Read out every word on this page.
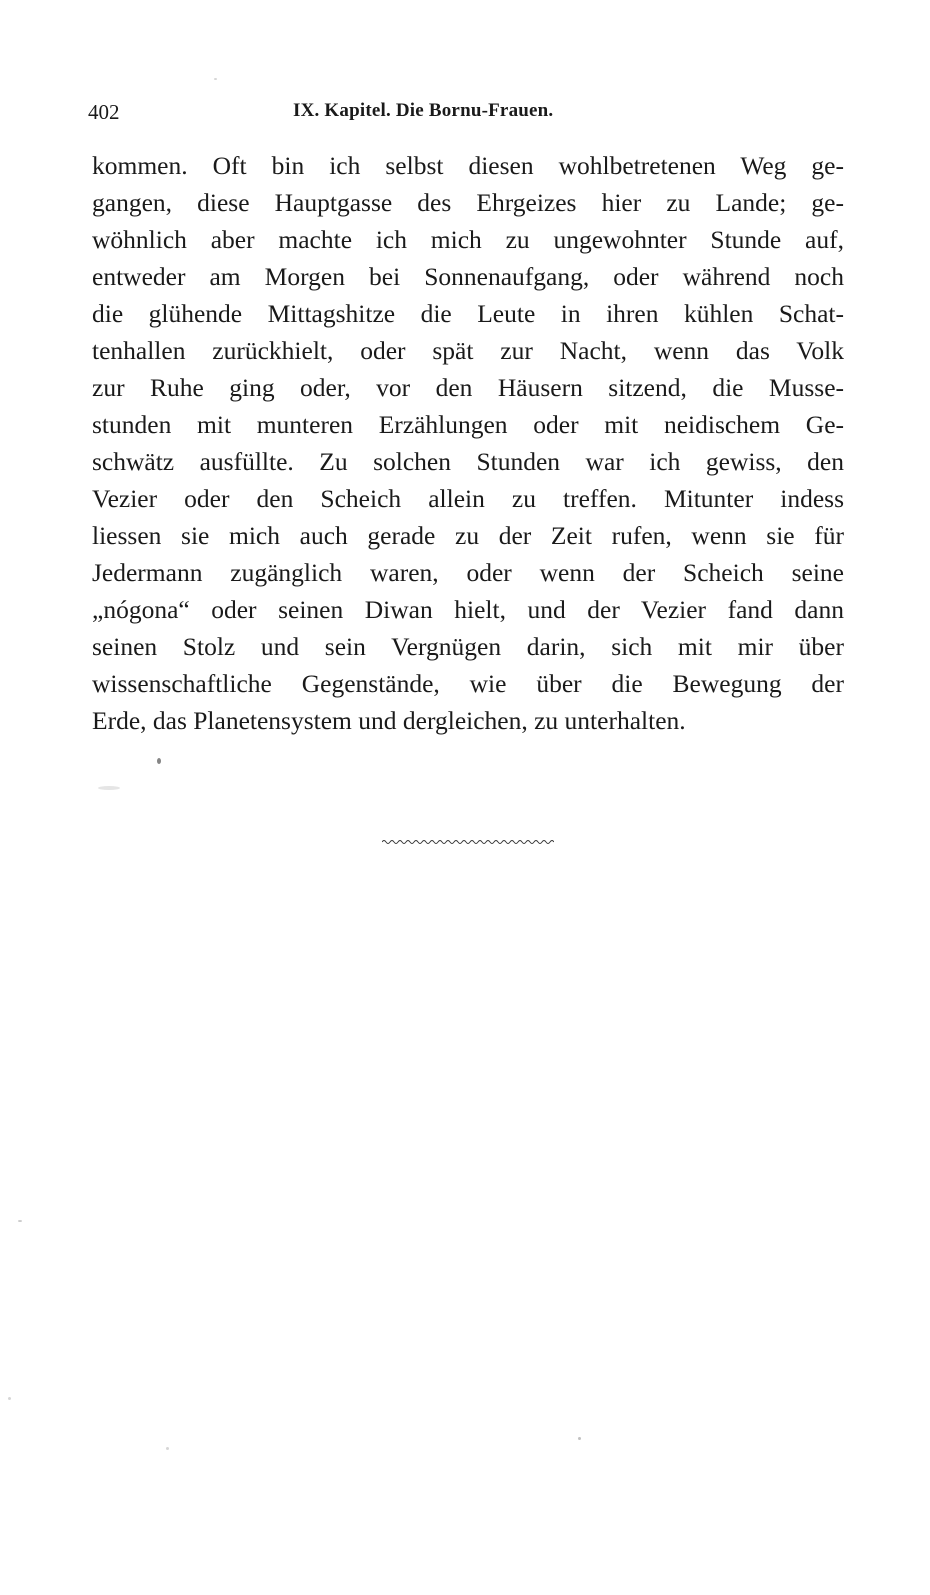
402	IX. Kapitel. Die Bornu-Frauen.
kommen. Oft bin ich selbst diesen wohlbetretenen Weg ge-
gangen, diese Hauptgasse des Ehrgeizes hier zu Lande; ge-
wöhnlich aber machte ich mich zu ungewohnter Stunde auf,
entweder am Morgen bei Sonnenaufgang, oder während noch
die glühende Mittagshitze die Leute in ihren kühlen Schat-
tenhallen zurückhielt, oder spät zur Nacht, wenn das Volk
zur Ruhe ging oder, vor den Häusern sitzend, die Musse-
stunden mit munteren Erzählungen oder mit neidischem Ge-
schwätz ausfüllte. Zu solchen Stunden war ich gewiss, den
Vezier oder den Scheich allein zu treffen. Mitunter indess
liessen sie mich auch gerade zu der Zeit rufen, wenn sie für
Jedermann zugänglich waren, oder wenn der Scheich seine
„nógona“ oder seinen Diwan hielt, und der Vezier fand dann
seinen Stolz und sein Vergnügen darin, sich mit mir über
wissenschaftliche Gegenstände, wie über die Bewegung der
Erde, das Planetensystem und dergleichen, zu unterhalten.
